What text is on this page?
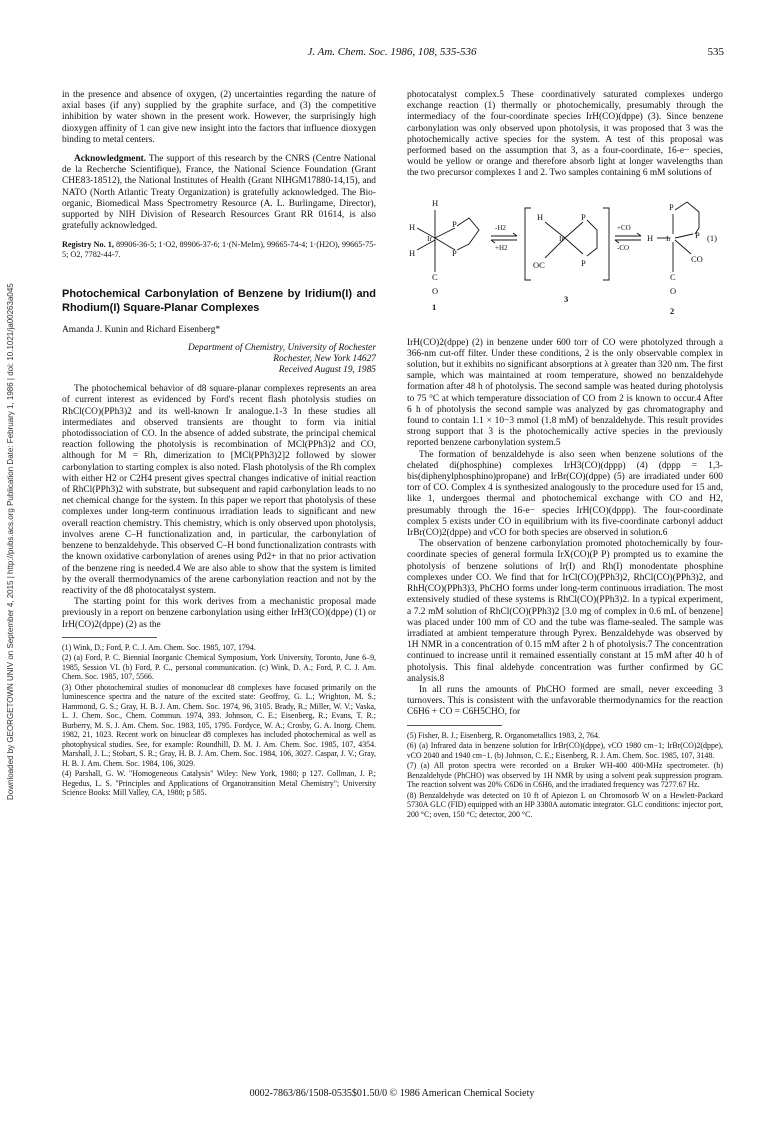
J. Am. Chem. Soc. 1986, 108, 535-536	535
Downloaded by GEORGETOWN UNIV on September 4, 2015 | http://pubs.acs.org Publication Date: February 1, 1986 | doi: 10.1021/ja00263a045

in the presence and absence of oxygen, (2) uncertainties regarding the nature of axial bases (if any) supplied by the graphite surface, and (3) the competitive inhibition by water shown in the present work. However, the surprisingly high dioxygen affinity of 1 can give new insight into the factors that influence dioxygen binding to metal centers.

Acknowledgment. The support of this research by the CNRS (Centre National de la Recherche Scientifique), France, the National Science Foundation (Grant CHE83-18512), the National Institutes of Health (Grant NIHGM17880-14,15), and NATO (North Atlantic Treaty Organization) is gratefully acknowledged. The Bio-organic, Biomedical Mass Spectrometry Resource (A. L. Burlingame, Director), supported by NIH Division of Research Resources Grant RR 01614, is also gratefully acknowledged.

Registry No. 1, 89906-36-5; 1·O2, 89906-37-6; 1·(N-MeIm), 99665-74-4; 1·(H2O), 99665-75-5; O2, 7782-44-7.

Photochemical Carbonylation of Benzene by Iridium(I) and Rhodium(I) Square-Planar Complexes

Amanda J. Kunin and Richard Eisenberg*

Department of Chemistry, University of Rochester

Rochester, New York 14627

Received August 19, 1985

The photochemical behavior of d8 square-planar complexes represents an area of current interest as evidenced by Ford's recent flash photolysis studies on RhCl(CO)(PPh3)2 and its well-known Ir analogue.1-3 In these studies all intermediates and observed transients are thought to form via initial photodissociation of CO. In the absence of added substrate, the principal chemical reaction following the photolysis is recombination of MCl(PPh3)2 and CO, although for M = Rh, dimerization to [MCl(PPh3)2]2 followed by slower carbonylation to starting complex is also noted. Flash photolysis of the Rh complex with either H2 or C2H4 present gives spectral changes indicative of initial reaction of RhCl(PPh3)2 with substrate, but subsequent and rapid carbonylation leads to no net chemical change for the system. In this paper we report that photolysis of these complexes under long-term continuous irradiation leads to significant and new overall reaction chemistry. This chemistry, which is only observed upon photolysis, involves arene C–H functionalization and, in particular, the carbonylation of benzene to benzaldehyde. This observed C–H bond functionalization contrasts with the known oxidative carbonylation of arenes using Pd2+ in that no prior activation of the benzene ring is needed.4 We are also able to show that the system is limited by the overall thermodynamics of the arene carbonylation reaction and not by the reactivity of the d8 photocatalyst system.

The starting point for this work derives from a mechanistic proposal made previously in a report on benzene carbonylation using either IrH3(CO)(dppe) (1) or IrH(CO)2(dppe) (2) as the

(1) Wink, D.; Ford, P. C. J. Am. Chem. Soc. 1985, 107, 1794.
(2) (a) Ford, P. C. Biennial Inorganic Chemical Symposium, York University, Toronto, June 6–9, 1985, Session VI. (b) Ford, P. C., personal communication. (c) Wink, D. A.; Ford, P. C. J. Am. Chem. Soc. 1985, 107, 5566.
(3) Other photochemical studies of mononuclear d8 complexes have focused primarily on the luminescence spectra and the nature of the excited state: Geoffroy, G. L.; Wrighton, M. S.; Hammond, G. S.; Gray, H. B. J. Am. Chem. Soc. 1974, 96, 3105. Brady, R.; Miller, W. V.; Vaska, L. J. Chem. Soc., Chem. Commun. 1974, 393. Johnson, C. E.; Eisenberg, R.; Evans, T. R.; Burberry, M. S. J. Am. Chem. Soc. 1983, 105, 1795. Fordyce, W. A.; Crosby, G. A. Inorg. Chem. 1982, 21, 1023. Recent work on binuclear d8 complexes has included photochemical as well as photophysical studies. See, for example: Roundhill, D. M. J. Am. Chem. Soc. 1985, 107, 4354. Marshall, J. L.; Stobart, S. R.; Gray, H. B. J. Am. Chem. Soc. 1984, 106, 3027. Caspar, J. V.; Gray, H. B. J. Am. Chem. Soc. 1984, 106, 3029.
(4) Parshall, G. W. "Homogeneous Catalysis" Wiley: New York, 1980; p 127. Collman, J. P.; Hegedus, L. S. "Principles and Applications of Organotransition Metal Chemistry"; University Science Books: Mill Valley, CA, 1980; p 585.

photocatalyst complex.5 These coordinatively saturated complexes undergo exchange reaction (1) thermally or photochemically, presumably through the intermediacy of the four-coordinate species IrH(CO)(dppe) (3). Since benzene carbonylation was only observed upon photolysis, it was proposed that 3 was the photochemically active species for the system. A test of this proposal was performed based on the assumption that 3, as a four-coordinate, 16-e− species, would be yellow or orange and therefore absorb light at longer wavelengths than the two precursor complexes 1 and 2. Two samples containing 6 mM solutions of

H
H
H
Ir
P
P
C
O
1
-H2
+H2
H
Ir
P
P
OC
3
+CO
-CO
H Ir
P
P
CO
C
O
2
(1)

IrH(CO)2(dppe) (2) in benzene under 600 torr of CO were photolyzed through a 366-nm cut-off filter. Under these conditions, 2 is the only observable complex in solution, but it exhibits no significant absorptions at λ greater than 320 nm. The first sample, which was maintained at room temperature, showed no benzaldehyde formation after 48 h of photolysis. The second sample was heated during photolysis to 75 °C at which temperature dissociation of CO from 2 is known to occur.4 After 6 h of photolysis the second sample was analyzed by gas chromatography and found to contain 1.1 × 10−3 mmol (1.8 mM) of benzaldehyde. This result provides strong support that 3 is the photochemically active species in the previously reported benzene carbonylation system.5

The formation of benzaldehyde is also seen when benzene solutions of the chelated di(phosphine) complexes IrH3(CO)(dppp) (4) (dppp = 1,3-bis(diphenylphosphino)propane) and IrBr(CO)(dppe) (5) are irradiated under 600 torr of CO. Complex 4 is synthesized analogously to the procedure used for 15 and, like 1, undergoes thermal and photochemical exchange with CO and H2, presumably through the 16-e− species IrH(CO)(dppp). The four-coordinate complex 5 exists under CO in equilibrium with its five-coordinate carbonyl adduct IrBr(CO)2(dppe) and νCO for both species are observed in solution.6

The observation of benzene carbonylation promoted photochemically by four-coordinate species of general formula IrX(CO)(P P) prompted us to examine the photolysis of benzene solutions of Ir(I) and Rh(I) monodentate phosphine complexes under CO. We find that for IrCl(CO)(PPh3)2, RhCl(CO)(PPh3)2, and RhH(CO)(PPh3)3, PhCHO forms under long-term continuous irradiation. The most extensively studied of these systems is RhCl(CO)(PPh3)2. In a typical experiment, a 7.2 mM solution of RhCl(CO)(PPh3)2 [3.0 mg of complex in 0.6 mL of benzene] was placed under 100 mm of CO and the tube was flame-sealed. The sample was irradiated at ambient temperature through Pyrex. Benzaldehyde was observed by 1H NMR in a concentration of 0.15 mM after 2 h of photolysis.7 The concentration continued to increase until it remained essentially constant at 15 mM after 40 h of photolysis. This final aldehyde concentration was further confirmed by GC analysis.8

In all runs the amounts of PhCHO formed are small, never exceeding 3 turnovers. This is consistent with the unfavorable thermodynamics for the reaction C6H6 + CO = C6H5CHO, for

(5) Fisher, B. J.; Eisenberg, R. Organometallics 1983, 2, 764.
(6) (a) Infrared data in benzene solution for IrBr(CO)(dppe), νCO 1980 cm−1; IrBr(CO)2(dppe), νCO 2040 and 1940 cm−1. (b) Johnson, C. E.; Eisenberg, R. J. Am. Chem. Soc. 1985, 107, 3148.
(7) (a) All proton spectra were recorded on a Bruker WH-400 400-MHz spectrometer. (b) Benzaldehyde (PhCHO) was observed by 1H NMR by using a solvent peak suppression program. The reaction solvent was 20% C6D6 in C6H6, and the irradiated frequency was 7277.67 Hz.
(8) Benzaldehyde was detected on 10 ft of Apiezon L on Chromosorb W on a Hewlett-Packard 5730A GLC (FID) equipped with an HP 3380A automatic integrator. GLC conditions: injector port, 200 °C; oven, 150 °C; detector, 200 °C.
0002-7863/86/1508-0535$01.50/0 © 1986 American Chemical Society
